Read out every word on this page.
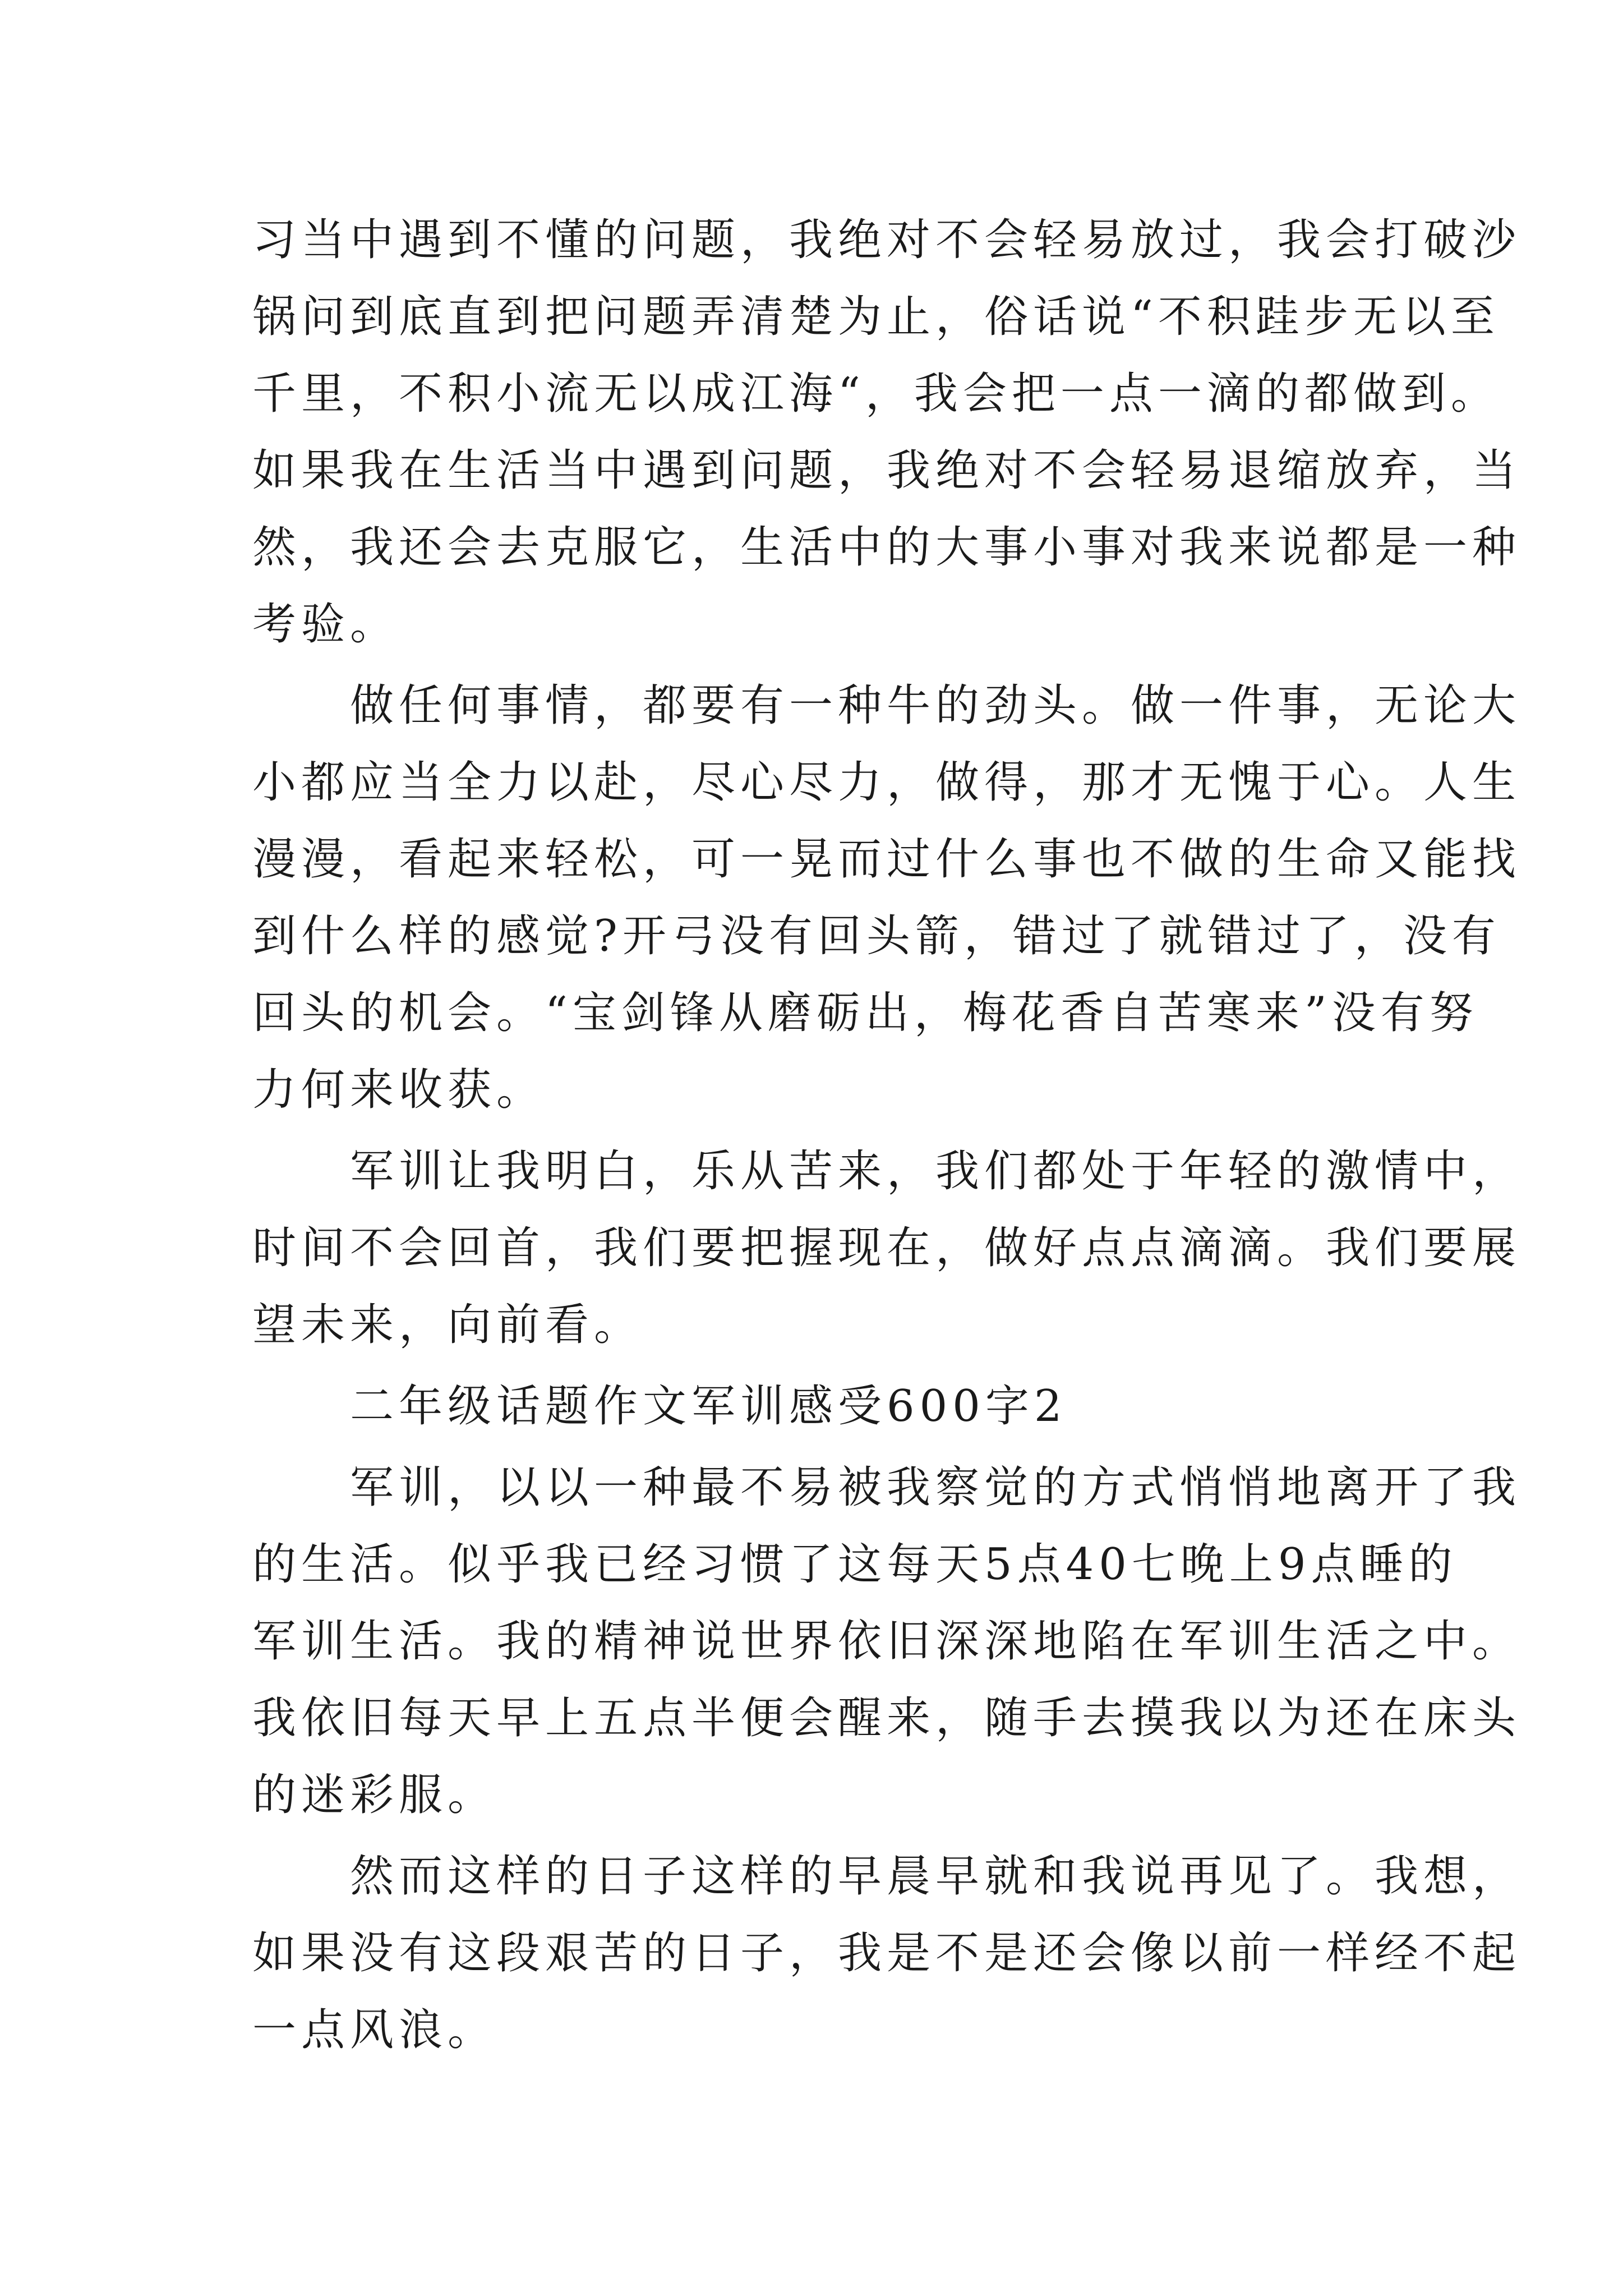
习当中遇到不懂的问题，我绝对不会轻易放过，我会打破沙
锅问到底直到把问题弄清楚为止，俗话说“不积跬步无以至
千里，不积小流无以成江海“，我会把一点一滴的都做到。
如果我在生活当中遇到问题，我绝对不会轻易退缩放弃，当
然，我还会去克服它，生活中的大事小事对我来说都是一种
考验。
　　做任何事情，都要有一种牛的劲头。做一件事，无论大
小都应当全力以赴，尽心尽力，做得，那才无愧于心。人生
漫漫，看起来轻松，可一晃而过什么事也不做的生命又能找
到什么样的感觉?开弓没有回头箭，错过了就错过了，没有
回头的机会。“宝剑锋从磨砺出，梅花香自苦寒来”没有努
力何来收获。
　　军训让我明白，乐从苦来，我们都处于年轻的激情中，
时间不会回首，我们要把握现在，做好点点滴滴。我们要展
望未来，向前看。
　　二年级话题作文军训感受600字2
　　军训，以以一种最不易被我察觉的方式悄悄地离开了我
的生活。似乎我已经习惯了这每天5点40七晚上9点睡的
军训生活。我的精神说世界依旧深深地陷在军训生活之中。
我依旧每天早上五点半便会醒来，随手去摸我以为还在床头
的迷彩服。
　　然而这样的日子这样的早晨早就和我说再见了。我想，
如果没有这段艰苦的日子，我是不是还会像以前一样经不起
一点风浪。
